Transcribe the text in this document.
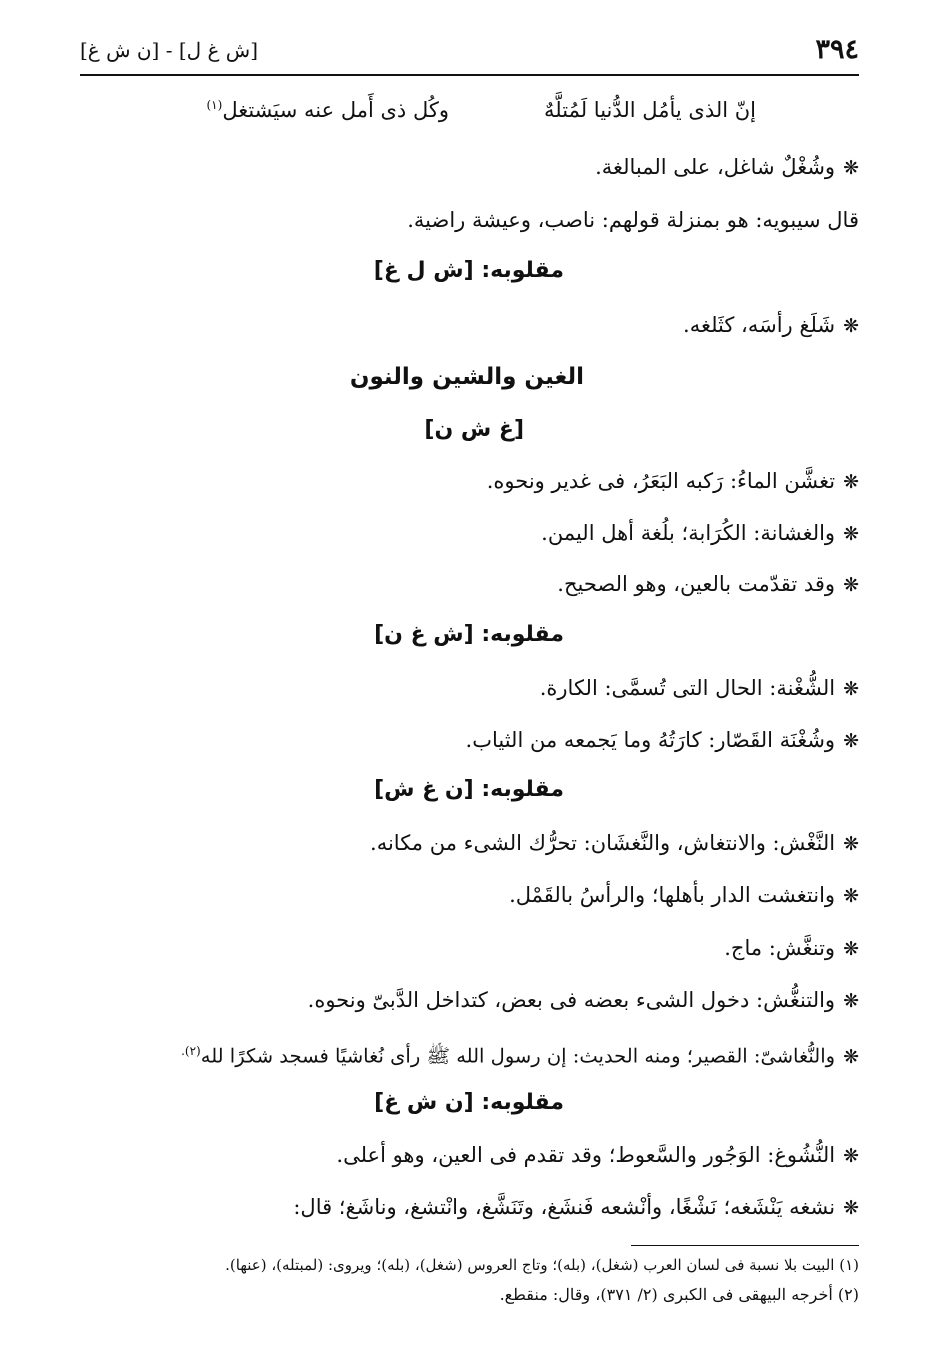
٣٩٤
[ش غ ل] - [ن ش غ]
إنّ الذى يأمُل الدُّنيا لَمُتلَّهٌ
وكُل ذى أَمل عنه سيَشتغل$^{(١)}$
❋وشُغْلٌ شاغل، على المبالغة.
قال سيبويه: هو بمنزلة قولهم: ناصب، وعيشة راضية.
مقلوبه: [ش ل غ]
❋شَلَغ رأسَه، كثَلغه.
الغين والشين والنون
[غ ش ن]
❋تغشَّن الماءُ: رَكبه البَعَرُ، فى غدير ونحوه.
❋والغشانة: الكُرَابة؛ بلُغة أهل اليمن.
❋وقد تقدّمت بالعين، وهو الصحيح.
مقلوبه: [ش غ ن]
❋الشُّغْنة: الحال التى تُسمَّى: الكارة.
❋وشُغْنَة القَصّار: كارَتُهُ وما يَجمعه من الثياب.
مقلوبه: [ن غ ش]
❋النَّغْش: والانتغاش، والنَّغشَان: تحرُّك الشىء من مكانه.
❋وانتغشت الدار بأهلها؛ والرأسُ بالقَمْل.
❋وتنغَّش: ماج.
❋والتنغُّش: دخول الشىء بعضه فى بعض، كتداخل الدَّبىّ ونحوه.
❋والنُّغاشىّ: القصير؛ ومنه الحديث: إن رسول الله ﷺ رأى نُغاشيًا فسجد شكرًا لله$^{(٢).}$
مقلوبه: [ن ش غ]
❋النُّشُوغ: الوَجُور والسَّعوط؛ وقد تقدم فى العين، وهو أعلى.
❋نشغه يَنْشَغه؛ نَشْغًا، وأنْشعه فَنشَغ، وتَنَشَّغ، وانْتشغ، وناشَغ؛ قال:
(١) البيت بلا نسبة فى لسان العرب (شغل)، (بله)؛ وتاج العروس (شغل)، (بله)؛ ويروى: (لمبتله)، (عنها).
(٢) أخرجه البيهقى فى الكبرى (٢/ ٣٧١)، وقال: منقطع.
